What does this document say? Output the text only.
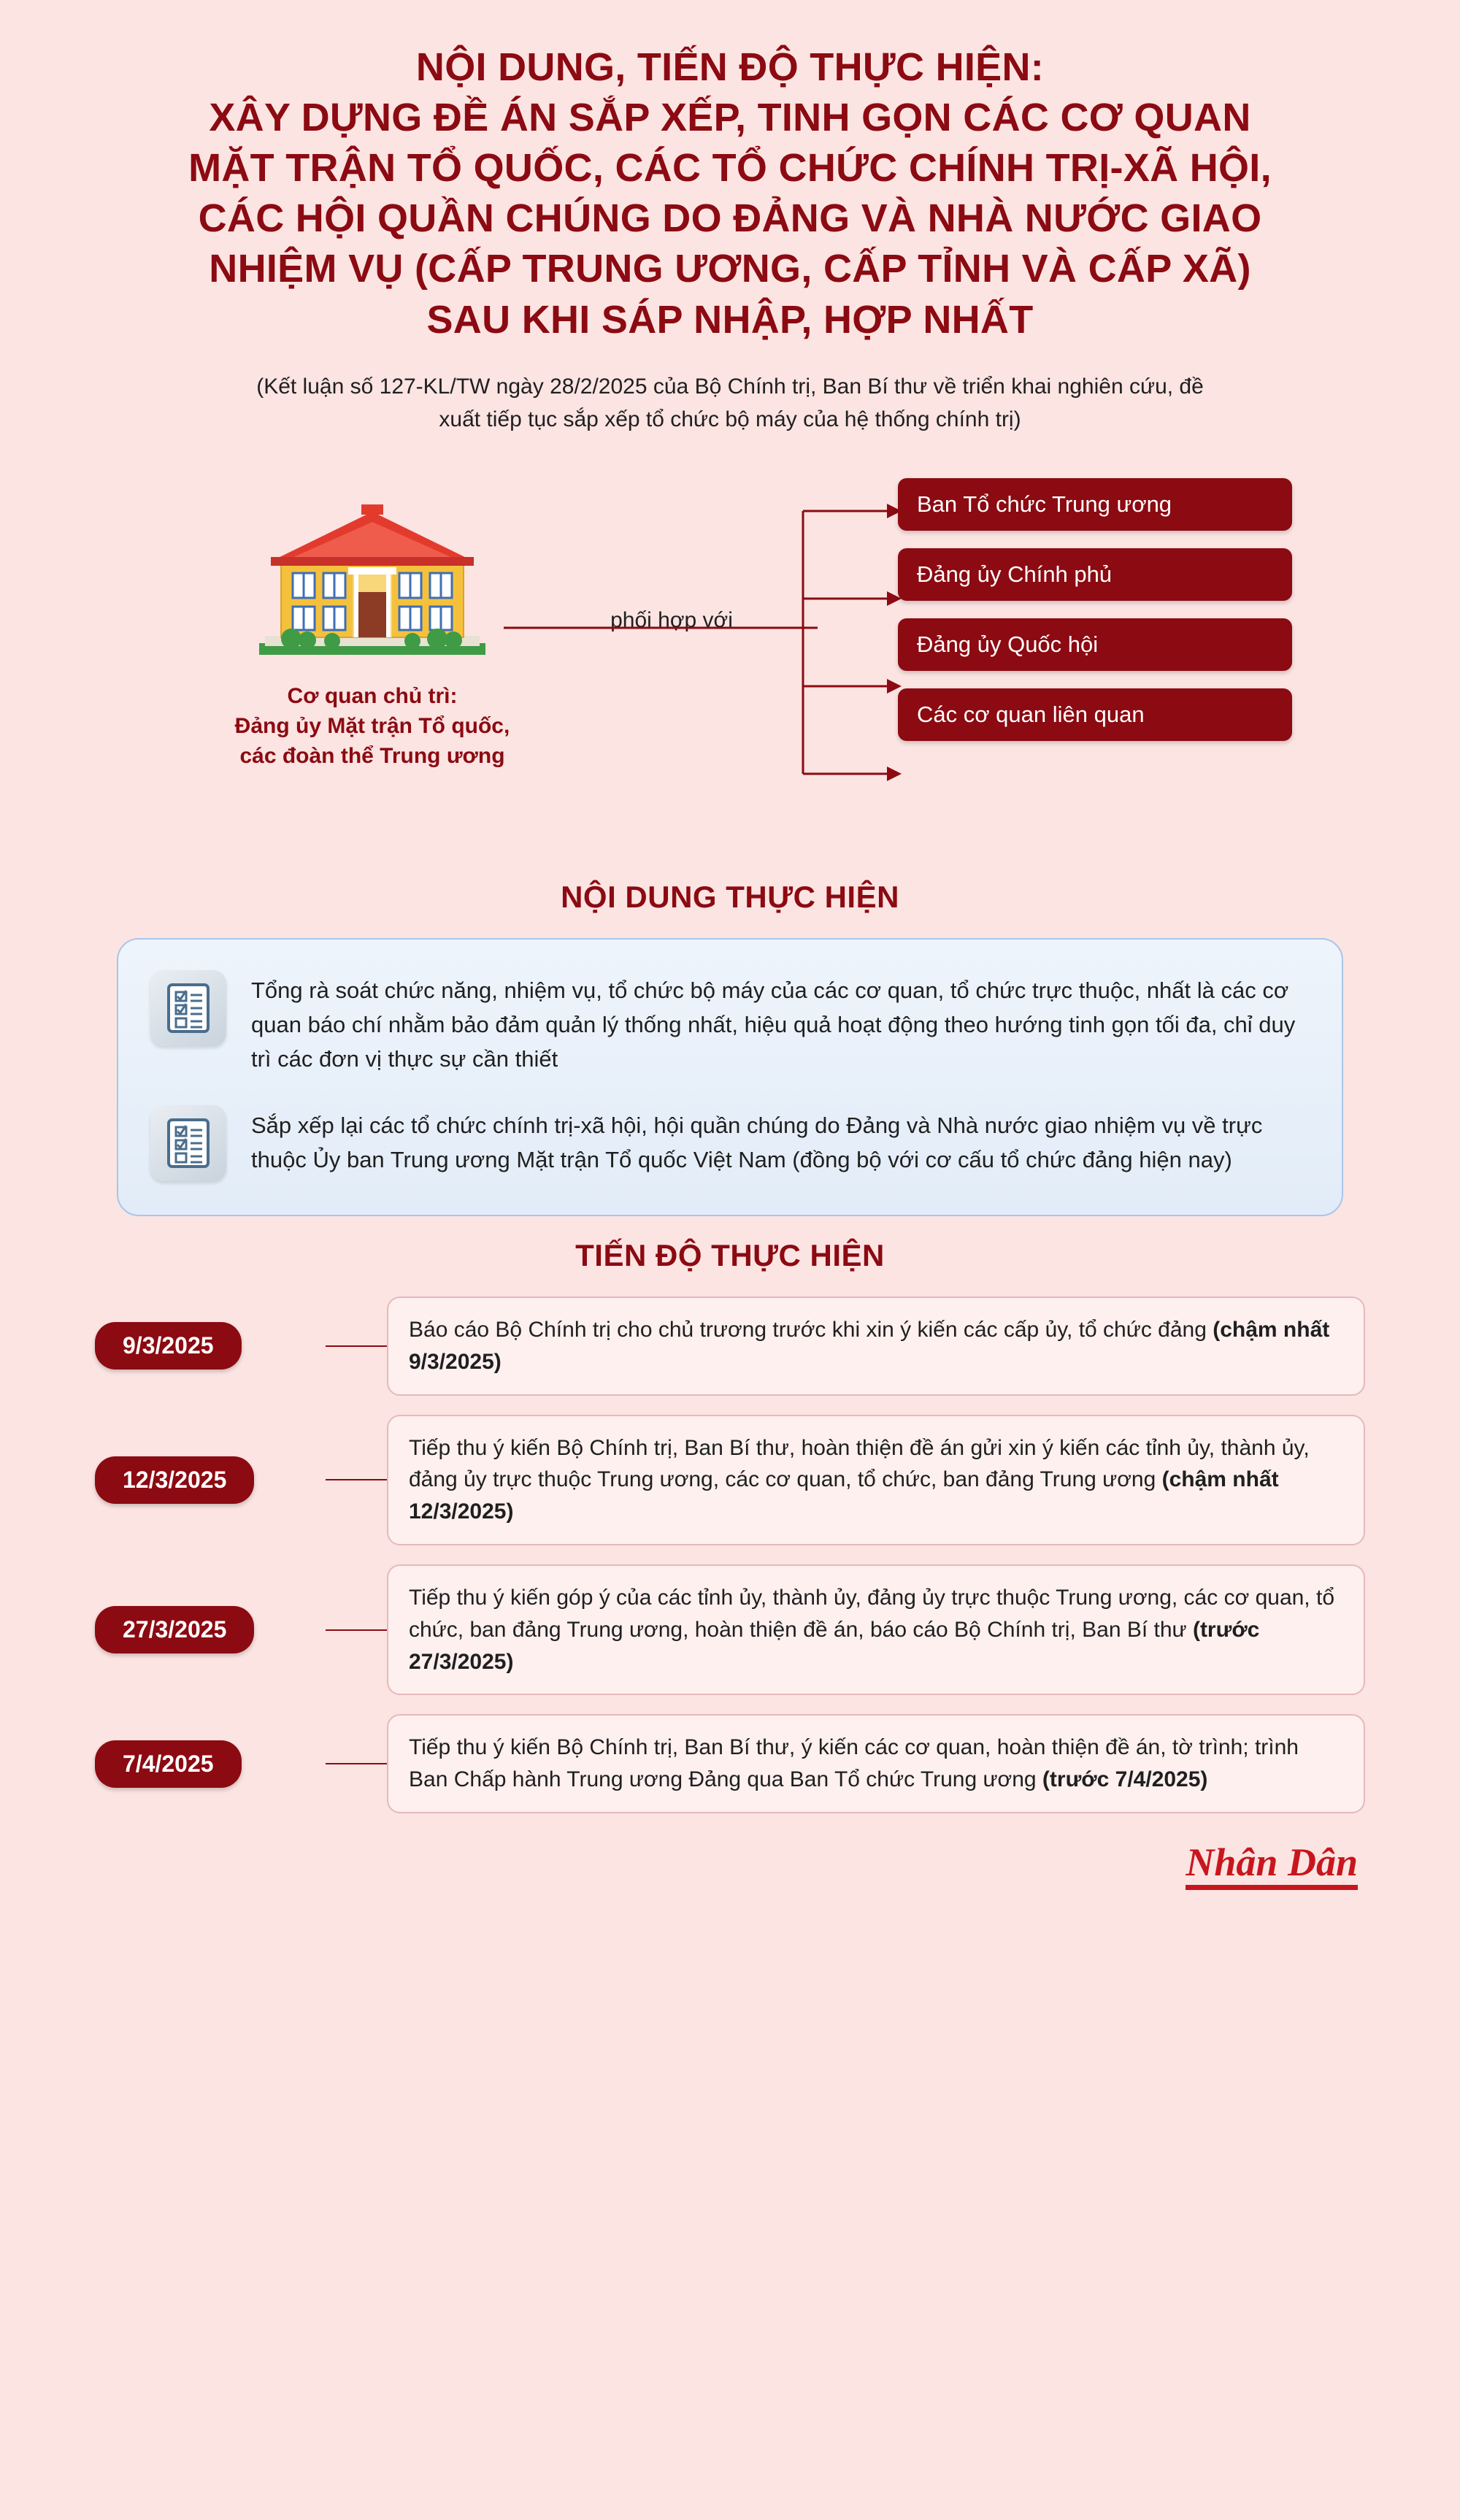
NỘI DUNG, TIẾN ĐỘ THỰC HIỆN:
XÂY DỰNG ĐỀ ÁN SẮP XẾP, TINH GỌN CÁC CƠ QUAN
MẶT TRẬN TỔ QUỐC, CÁC TỔ CHỨC CHÍNH TRỊ-XÃ HỘI,
CÁC HỘI QUẦN CHÚNG DO ĐẢNG VÀ NHÀ NƯỚC GIAO
NHIỆM VỤ (CẤP TRUNG ƯƠNG, CẤP TỈNH VÀ CẤP XÃ)
SAU KHI SÁP NHẬP, HỢP NHẤT
(Kết luận số 127-KL/TW ngày 28/2/2025 của Bộ Chính trị, Ban Bí thư về triển khai nghiên cứu, đề xuất tiếp tục sắp xếp tổ chức bộ máy của hệ thống chính trị)
Cơ quan chủ trì:
Đảng ủy Mặt trận Tổ quốc,
các đoàn thể Trung ương
phối hợp với
Ban Tổ chức Trung ương
Đảng ủy Chính phủ
Đảng ủy Quốc hội
Các cơ quan liên quan
NỘI DUNG THỰC HIỆN
Tổng rà soát chức năng, nhiệm vụ, tổ chức bộ máy của các cơ quan, tổ chức trực thuộc, nhất là các cơ quan báo chí nhằm bảo đảm quản lý thống nhất, hiệu quả hoạt động theo hướng tinh gọn tối đa, chỉ duy trì các đơn vị thực sự cần thiết
Sắp xếp lại các tổ chức chính trị-xã hội, hội quần chúng do Đảng và Nhà nước giao nhiệm vụ về trực thuộc Ủy ban Trung ương Mặt trận Tổ quốc Việt Nam (đồng bộ với cơ cấu tổ chức đảng hiện nay)
TIẾN ĐỘ THỰC HIỆN
9/3/2025
Báo cáo Bộ Chính trị cho chủ trương trước khi xin ý kiến các cấp ủy, tổ chức đảng (chậm nhất 9/3/2025)
12/3/2025
Tiếp thu ý kiến Bộ Chính trị, Ban Bí thư, hoàn thiện đề án gửi xin ý kiến các tỉnh ủy, thành ủy, đảng ủy trực thuộc Trung ương, các cơ quan, tổ chức, ban đảng Trung ương (chậm nhất 12/3/2025)
27/3/2025
Tiếp thu ý kiến góp ý của các tỉnh ủy, thành ủy, đảng ủy trực thuộc Trung ương, các cơ quan, tổ chức, ban đảng Trung ương, hoàn thiện đề án, báo cáo Bộ Chính trị, Ban Bí thư (trước 27/3/2025)
7/4/2025
Tiếp thu ý kiến Bộ Chính trị, Ban Bí thư, ý kiến các cơ quan, hoàn thiện đề án, tờ trình; trình Ban Chấp hành Trung ương Đảng qua Ban Tổ chức Trung ương (trước 7/4/2025)
Nhân Dân
